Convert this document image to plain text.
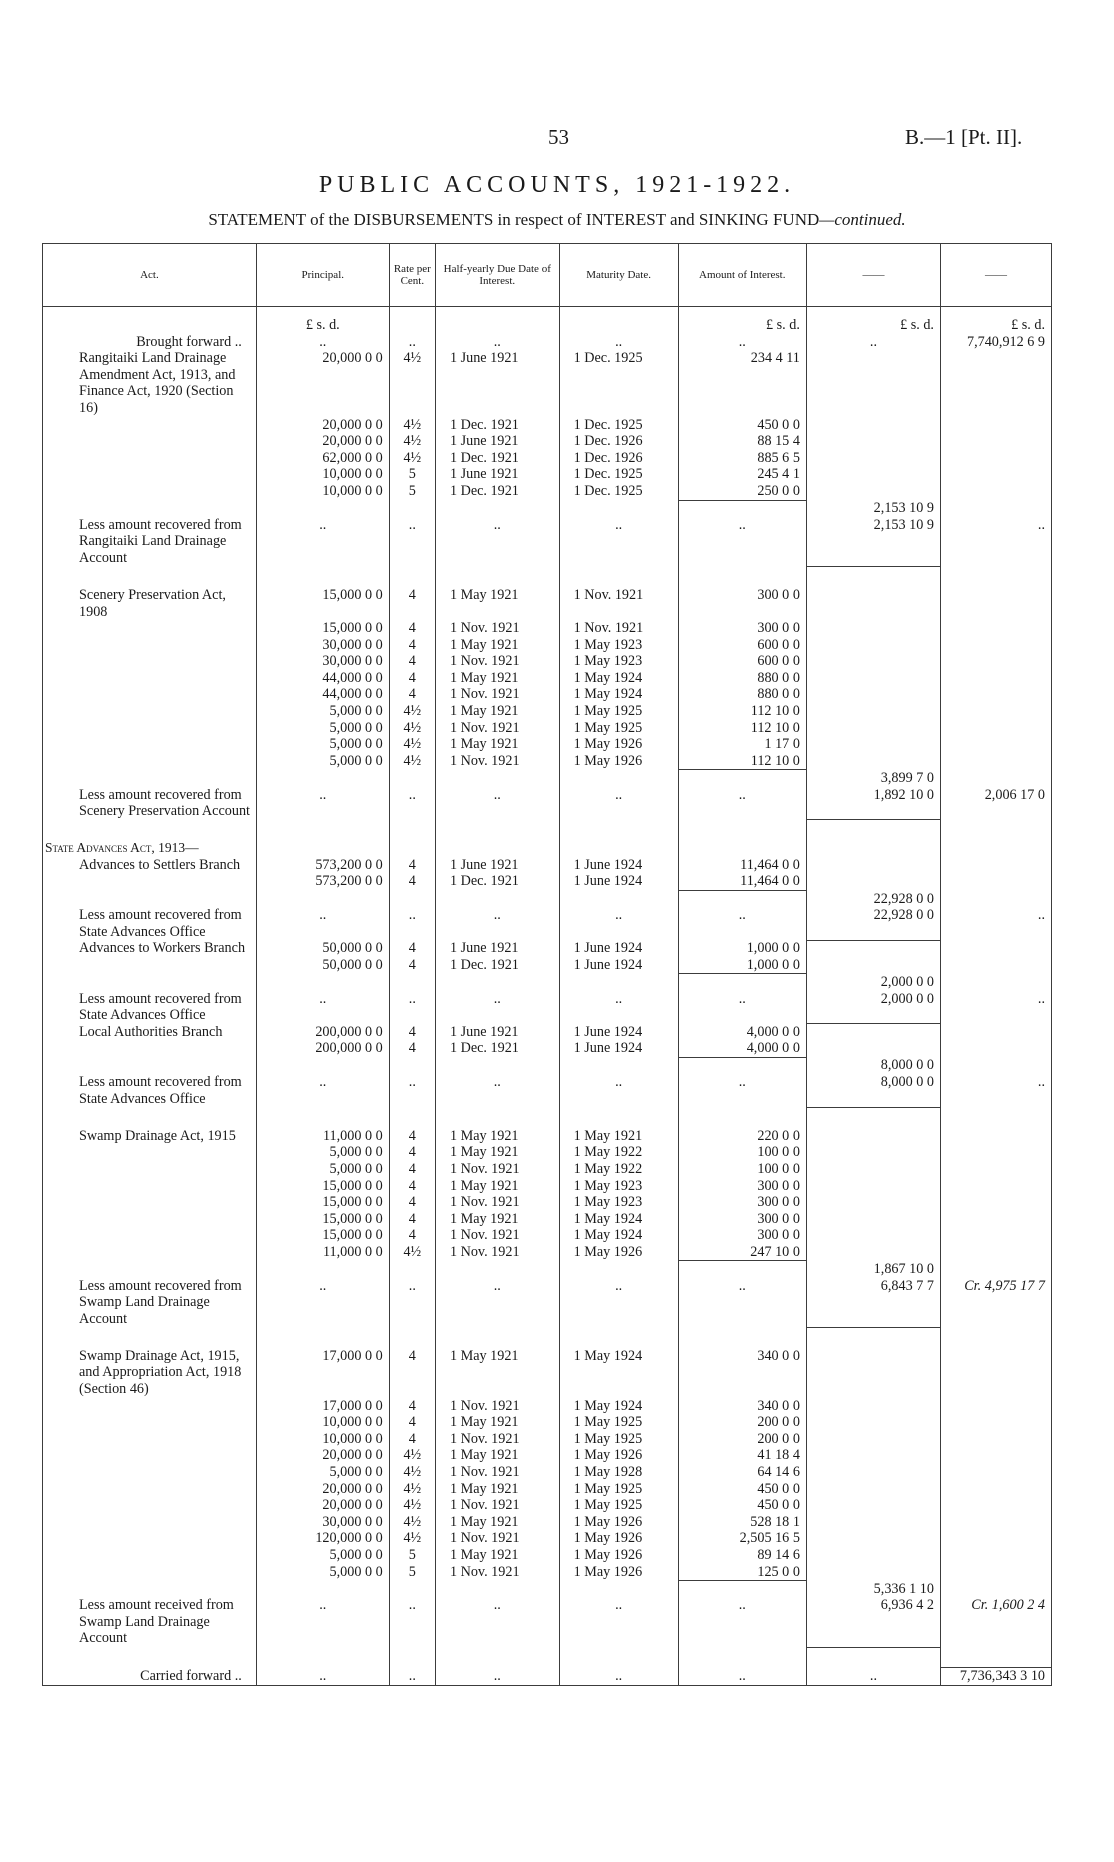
53	B.—1 [Pt. II].
PUBLIC ACCOUNTS, 1921-1922.
STATEMENT of the DISBURSEMENTS in respect of INTEREST and SINKING FUND—continued.
Act.	Principal.	Rate per Cent.	Half-yearly Due Date of Interest.	Maturity Date.	Amount of Interest.	——	——

	£ s. d.				£ s. d.	£ s. d.	£ s. d.
Brought forward ..	..	..	..	..	..	..	7,740,912 6 9
Rangitaiki Land Drainage Amendment Act, 1913, and Finance Act, 1920 (Section 16)	20,000 0 0	4½	1 June 1921	1 Dec. 1925	234 4 11		
	20,000 0 0	4½	1 Dec. 1921	1 Dec. 1925	450 0 0		
	20,000 0 0	4½	1 June 1921	1 Dec. 1926	88 15 4		
	62,000 0 0	4½	1 Dec. 1921	1 Dec. 1926	885 6 5		
	10,000 0 0	5	1 June 1921	1 Dec. 1925	245 4 1		
	10,000 0 0	5	1 Dec. 1921	1 Dec. 1925	250 0 0		
						2,153 10 9	
Less amount recovered from Rangitaiki Land Drainage Account	..	..	..	..	..	2,153 10 9	..

Scenery Preservation Act, 1908	15,000 0 0	4	1 May 1921	1 Nov. 1921	300 0 0		
	15,000 0 0	4	1 Nov. 1921	1 Nov. 1921	300 0 0		
	30,000 0 0	4	1 May 1921	1 May 1923	600 0 0		
	30,000 0 0	4	1 Nov. 1921	1 May 1923	600 0 0		
	44,000 0 0	4	1 May 1921	1 May 1924	880 0 0		
	44,000 0 0	4	1 Nov. 1921	1 May 1924	880 0 0		
	5,000 0 0	4½	1 May 1921	1 May 1925	112 10 0		
	5,000 0 0	4½	1 Nov. 1921	1 May 1925	112 10 0		
	5,000 0 0	4½	1 May 1921	1 May 1926	1 17 0		
	5,000 0 0	4½	1 Nov. 1921	1 May 1926	112 10 0		
						3,899 7 0	
Less amount recovered from Scenery Preservation Account	..	..	..	..	..	1,892 10 0	2,006 17 0

State Advances Act, 1913—							
Advances to Settlers Branch	573,200 0 0	4	1 June 1921	1 June 1924	11,464 0 0		
	573,200 0 0	4	1 Dec. 1921	1 June 1924	11,464 0 0		
						22,928 0 0	
Less amount recovered from State Advances Office	..	..	..	..	..	22,928 0 0	..
Advances to Workers Branch	50,000 0 0	4	1 June 1921	1 June 1924	1,000 0 0		
	50,000 0 0	4	1 Dec. 1921	1 June 1924	1,000 0 0		
						2,000 0 0	
Less amount recovered from State Advances Office	..	..	..	..	..	2,000 0 0	..
Local Authorities Branch	200,000 0 0	4	1 June 1921	1 June 1924	4,000 0 0		
	200,000 0 0	4	1 Dec. 1921	1 June 1924	4,000 0 0		
						8,000 0 0	
Less amount recovered from State Advances Office	..	..	..	..	..	8,000 0 0	..

Swamp Drainage Act, 1915	11,000 0 0	4	1 May 1921	1 May 1921	220 0 0		
	5,000 0 0	4	1 May 1921	1 May 1922	100 0 0		
	5,000 0 0	4	1 Nov. 1921	1 May 1922	100 0 0		
	15,000 0 0	4	1 May 1921	1 May 1923	300 0 0		
	15,000 0 0	4	1 Nov. 1921	1 May 1923	300 0 0		
	15,000 0 0	4	1 May 1921	1 May 1924	300 0 0		
	15,000 0 0	4	1 Nov. 1921	1 May 1924	300 0 0		
	11,000 0 0	4½	1 Nov. 1921	1 May 1926	247 10 0		
						1,867 10 0	
Less amount recovered from Swamp Land Drainage Account	..	..	..	..	..	6,843 7 7	Cr. 4,975 17 7

Swamp Drainage Act, 1915, and Appropriation Act, 1918 (Section 46)	17,000 0 0	4	1 May 1921	1 May 1924	340 0 0		
	17,000 0 0	4	1 Nov. 1921	1 May 1924	340 0 0		
	10,000 0 0	4	1 May 1921	1 May 1925	200 0 0		
	10,000 0 0	4	1 Nov. 1921	1 May 1925	200 0 0		
	20,000 0 0	4½	1 May 1921	1 May 1926	41 18 4		
	5,000 0 0	4½	1 Nov. 1921	1 May 1928	64 14 6		
	20,000 0 0	4½	1 May 1921	1 May 1925	450 0 0		
	20,000 0 0	4½	1 Nov. 1921	1 May 1925	450 0 0		
	30,000 0 0	4½	1 May 1921	1 May 1926	528 18 1		
	120,000 0 0	4½	1 Nov. 1921	1 May 1926	2,505 16 5		
	5,000 0 0	5	1 May 1921	1 May 1926	89 14 6		
	5,000 0 0	5	1 Nov. 1921	1 May 1926	125 0 0		
						5,336 1 10	
Less amount received from Swamp Land Drainage Account	..	..	..	..	..	6,936 4 2	Cr. 1,600 2 4

Carried forward ..	..	..	..	..	..	..	7,736,343 3 10
